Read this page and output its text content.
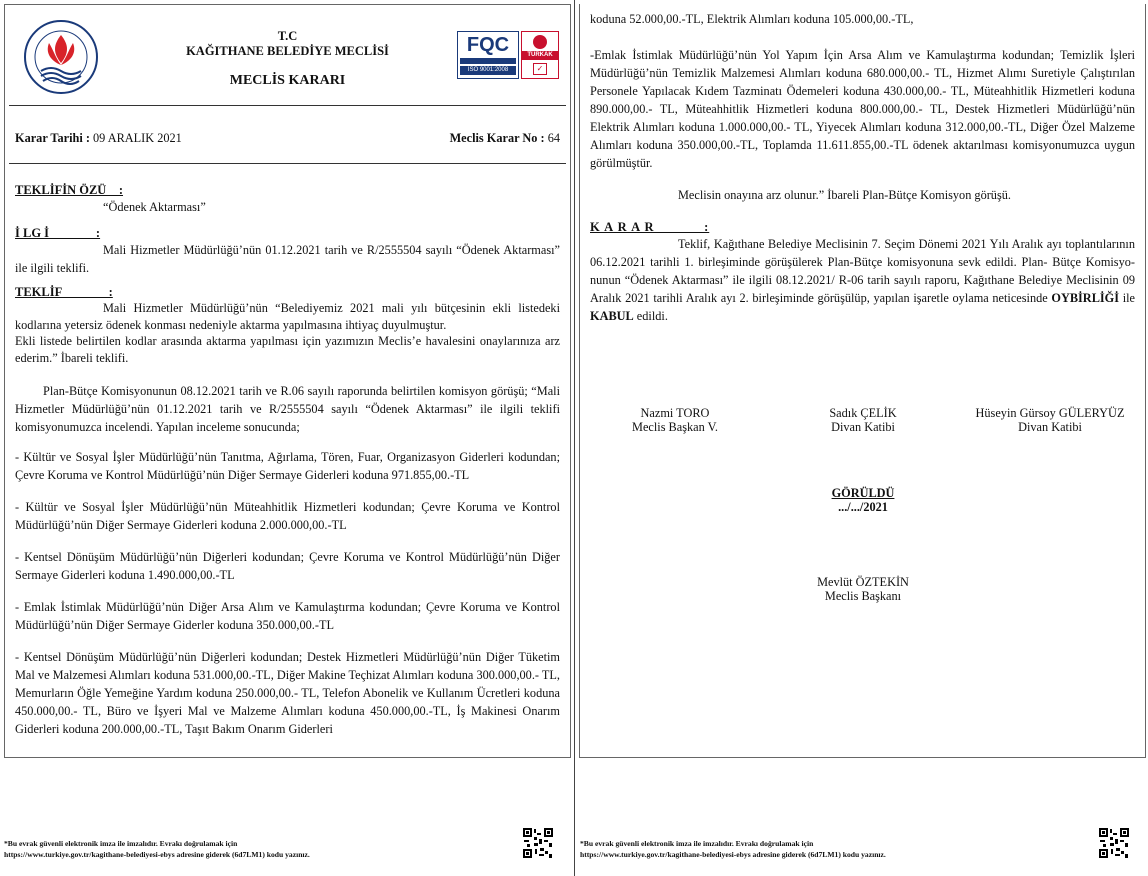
T.C
KAĞITHANE BELEDİYE MECLİSİ
MECLİS KARARI
FQC
ISO 9001:2008
TÜRKAK
✓
Karar Tarihi : 09 ARALIK 2021	Meclis Karar No : 64
TEKLİFİN ÖZÜ    :
“Ödenek Aktarması”
İ LG İ               :
Mali Hizmetler Müdürlüğü’nün 01.12.2021 tarih ve R/2555504 sayılı “Ödenek Aktarması” ile ilgili teklifi.
TEKLİF               :
Mali Hizmetler Müdürlüğü’nün “Belediyemiz 2021 mali yılı bütçesinin ekli listedeki kodlarına yetersiz ödenek konması nedeniyle aktarma yapılmasına ihtiyaç duyulmuştur.
Ekli listede belirtilen kodlar arasında aktarma yapılması için yazımızın Meclis’e havalesini onaylarınıza arz ederim.” İbareli teklifi.
Plan-Bütçe Komisyonunun 08.12.2021 tarih ve R.06 sayılı raporunda belirtilen komisyon görüşü; “Mali Hizmetler Müdürlüğü’nün 01.12.2021 tarih ve R/2555504 sayılı “Ödenek Aktarması” ile ilgili teklifi komisyonumuzca incelendi. Yapılan inceleme sonucunda;
- Kültür ve Sosyal İşler Müdürlüğü’nün Tanıtma, Ağırlama, Tören, Fuar, Organizasyon Giderleri kodundan; Çevre Koruma ve Kontrol Müdürlüğü’nün Diğer Sermaye Giderleri koduna 971.855,00.-TL
- Kültür ve Sosyal İşler Müdürlüğü’nün Müteahhitlik Hizmetleri kodundan; Çevre Koruma ve Kontrol Müdürlüğü’nün Diğer Sermaye Giderleri koduna 2.000.000,00.-TL
- Kentsel Dönüşüm Müdürlüğü’nün Diğerleri kodundan; Çevre Koruma ve Kontrol Müdürlüğü’nün Diğer Sermaye Giderleri koduna 1.490.000,00.-TL
- Emlak İstimlak Müdürlüğü’nün Diğer Arsa Alım ve Kamulaştırma kodundan; Çevre Koruma ve Kontrol Müdürlüğü’nün Diğer Sermaye Giderler koduna 350.000,00.-TL
- Kentsel Dönüşüm Müdürlüğü’nün Diğerleri kodundan; Destek Hizmetleri Müdürlüğü’nün Diğer Tüketim Mal ve Malzemesi Alımları koduna 531.000,00.-TL, Diğer Makine Teçhizat Alımları koduna 300.000,00.- TL, Memurların Öğle Yemeğine Yardım koduna 250.000,00.- TL, Telefon Abonelik ve Kullanım Ücretleri koduna 450.000,00.- TL, Büro ve İşyeri Mal ve Malzeme Alımları koduna 450.000,00.-TL, İş Makinesi Onarım Giderleri koduna 200.000,00.-TL, Taşıt Bakım Onarım Giderleri
koduna 52.000,00.-TL, Elektrik Alımları koduna 105.000,00.-TL,
-Emlak İstimlak Müdürlüğü’nün Yol Yapım İçin Arsa Alım ve Kamulaştırma kodundan; Temizlik İşleri Müdürlüğü’nün Temizlik Malzemesi Alımları koduna 680.000,00.- TL, Hizmet Alımı Suretiyle Çalıştırılan Personele Yapılacak Kıdem Tazminatı Ödemeleri koduna 430.000,00.- TL, Müteahhitlik Hizmetleri koduna 890.000,00.- TL, Müteahhitlik Hizmetleri koduna 800.000,00.- TL, Destek Hizmetleri Müdürlüğü’nün Elektrik Alımları koduna 1.000.000,00.- TL, Yiyecek Alımları koduna 312.000,00.-TL, Diğer Özel Malzeme Alımları koduna 350.000,00.-TL, Toplamda 11.611.855,00.-TL ödenek aktarılması komisyonumuzca uygun görülmüştür.
Meclisin onayına arz olunur.” İbareli Plan-Bütçe Komisyon görüşü.
K A R A R            :
Teklif, Kağıthane Belediye Meclisinin 7. Seçim Dönemi 2021 Yılı Aralık ayı toplantılarının 06.12.2021 tarihli 1. birleşiminde görüşülerek Plan-Bütçe komisyonuna sevk edildi. Plan- Bütçe Komisyo- nunun “Ödenek Aktarması” ile ilgili 08.12.2021/ R-06 tarih sayılı raporu, Kağıthane Belediye Meclisinin 09 Aralık 2021 tarihli Aralık ayı 2. birleşiminde görüşülüp, yapılan işaretle oylama neticesinde OYBİRLİĞİ ile KABUL edildi.
Nazmi TORO
Meclis Başkan V.
Sadık ÇELİK
Divan Katibi
Hüseyin Gürsoy GÜLERYÜZ
Divan Katibi
GÖRÜLDÜ
.../.../2021
Mevlüt ÖZTEKİN
Meclis Başkanı
*Bu evrak güvenli elektronik imza ile imzalıdır. Evrakı doğrulamak için
https://www.turkiye.gov.tr/kagithane-belediyesi-ebys adresine giderek (6d7LM1) kodu yazınız.
*Bu evrak güvenli elektronik imza ile imzalıdır. Evrakı doğrulamak için
https://www.turkiye.gov.tr/kagithane-belediyesi-ebys adresine giderek (6d7LM1) kodu yazınız.
